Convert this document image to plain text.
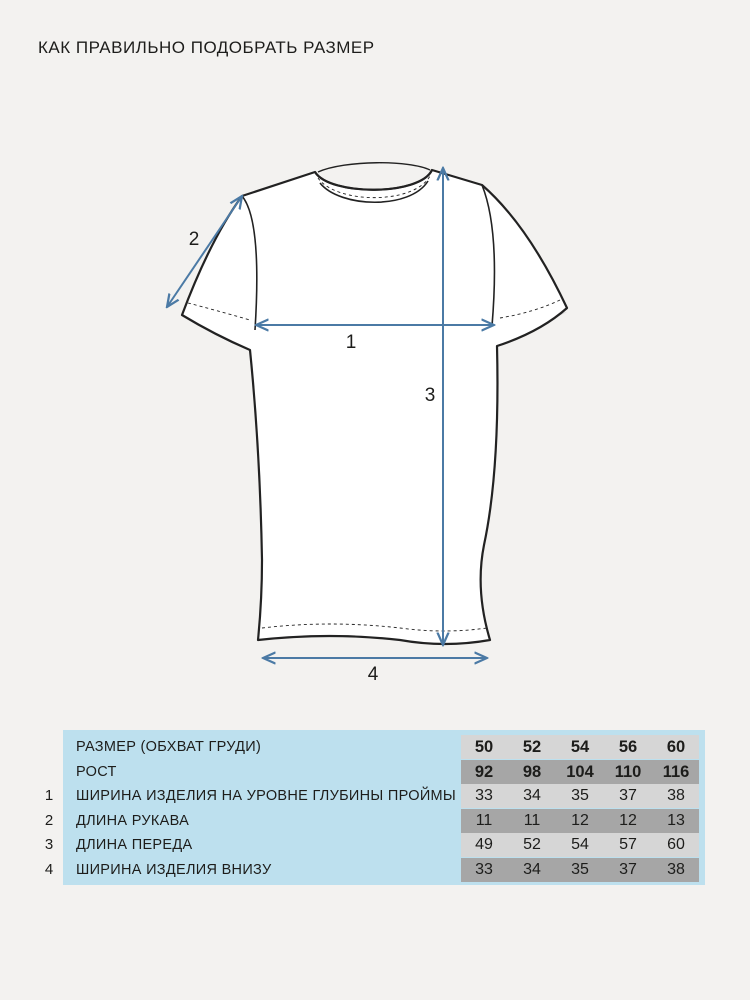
КАК ПРАВИЛЬНО ПОДОБРАТЬ РАЗМЕР
1
2
3
4
РАЗМЕР (ОБХВАТ ГРУДИ)	50	52	54	56	60
РОСТ	92	98	104	110	116
1 ШИРИНА ИЗДЕЛИЯ НА УРОВНЕ ГЛУБИНЫ ПРОЙМЫ	33	34	35	37	38
2 ДЛИНА РУКАВА	11	11	12	12	13
3 ДЛИНА ПЕРЕДА	49	52	54	57	60
4 ШИРИНА ИЗДЕЛИЯ ВНИЗУ	33	34	35	37	38
